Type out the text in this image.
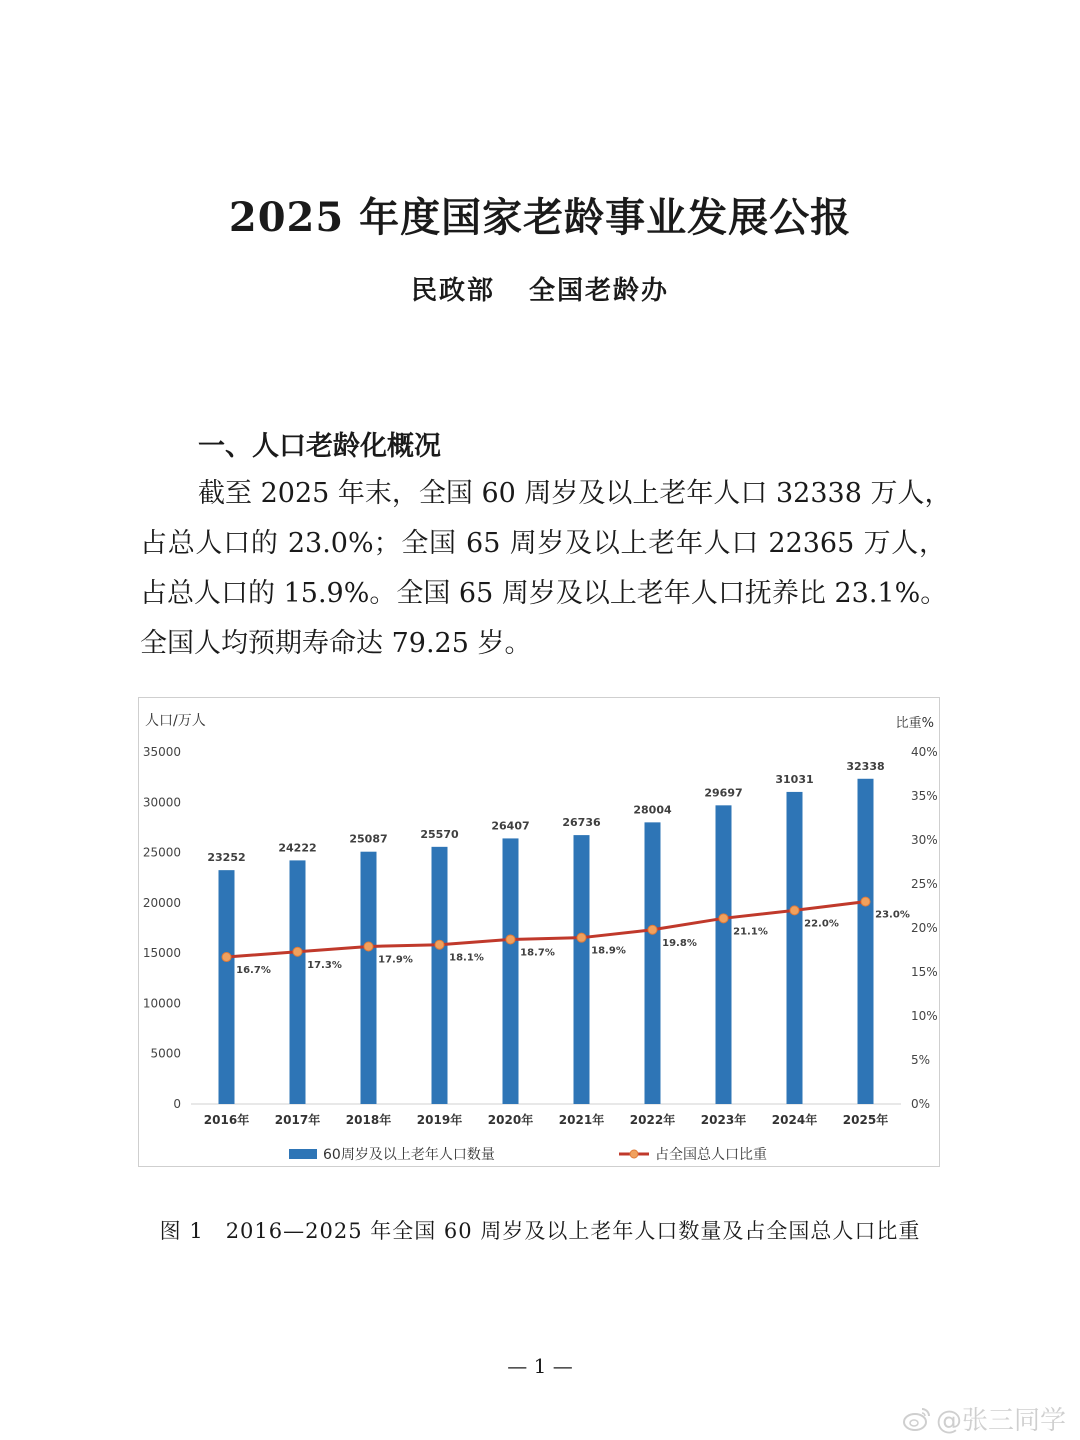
2025 年度国家老龄事业发展公报
民政部 全国老龄办
一、人口老龄化概况
截至 2025 年末，全国 60 周岁及以上老年人口 32338 万人，
占总人口的 23.0%；全国 65 周岁及以上老年人口 22365 万人，
占总人口的 15.9%。全国 65 周岁及以上老年人口抚养比 23.1%。
全国人均预期寿命达 79.25 岁。
人口/万人	比重%
0
5000
10000
15000
20000
25000
30000
35000
0%
5%
10%
15%
20%
25%
30%
35%
40%
23252
24222
25087	25570
26407	26736
28004
29697
31031
32338
2016年 2017年 2018年 2019年 2020年 2021年 2022年 2023年 2024年 2025年
16.7%	17.3%	17.9%	18.1%	18.7%	18.9%
19.8%
21.1%
22.0%
23.0%
60周岁及以上老年人口数量	占全国总人口比重
图 1　2016—2025 年全国 60 周岁及以上老年人口数量及占全国总人口比重
— 1 —
@张三同学
